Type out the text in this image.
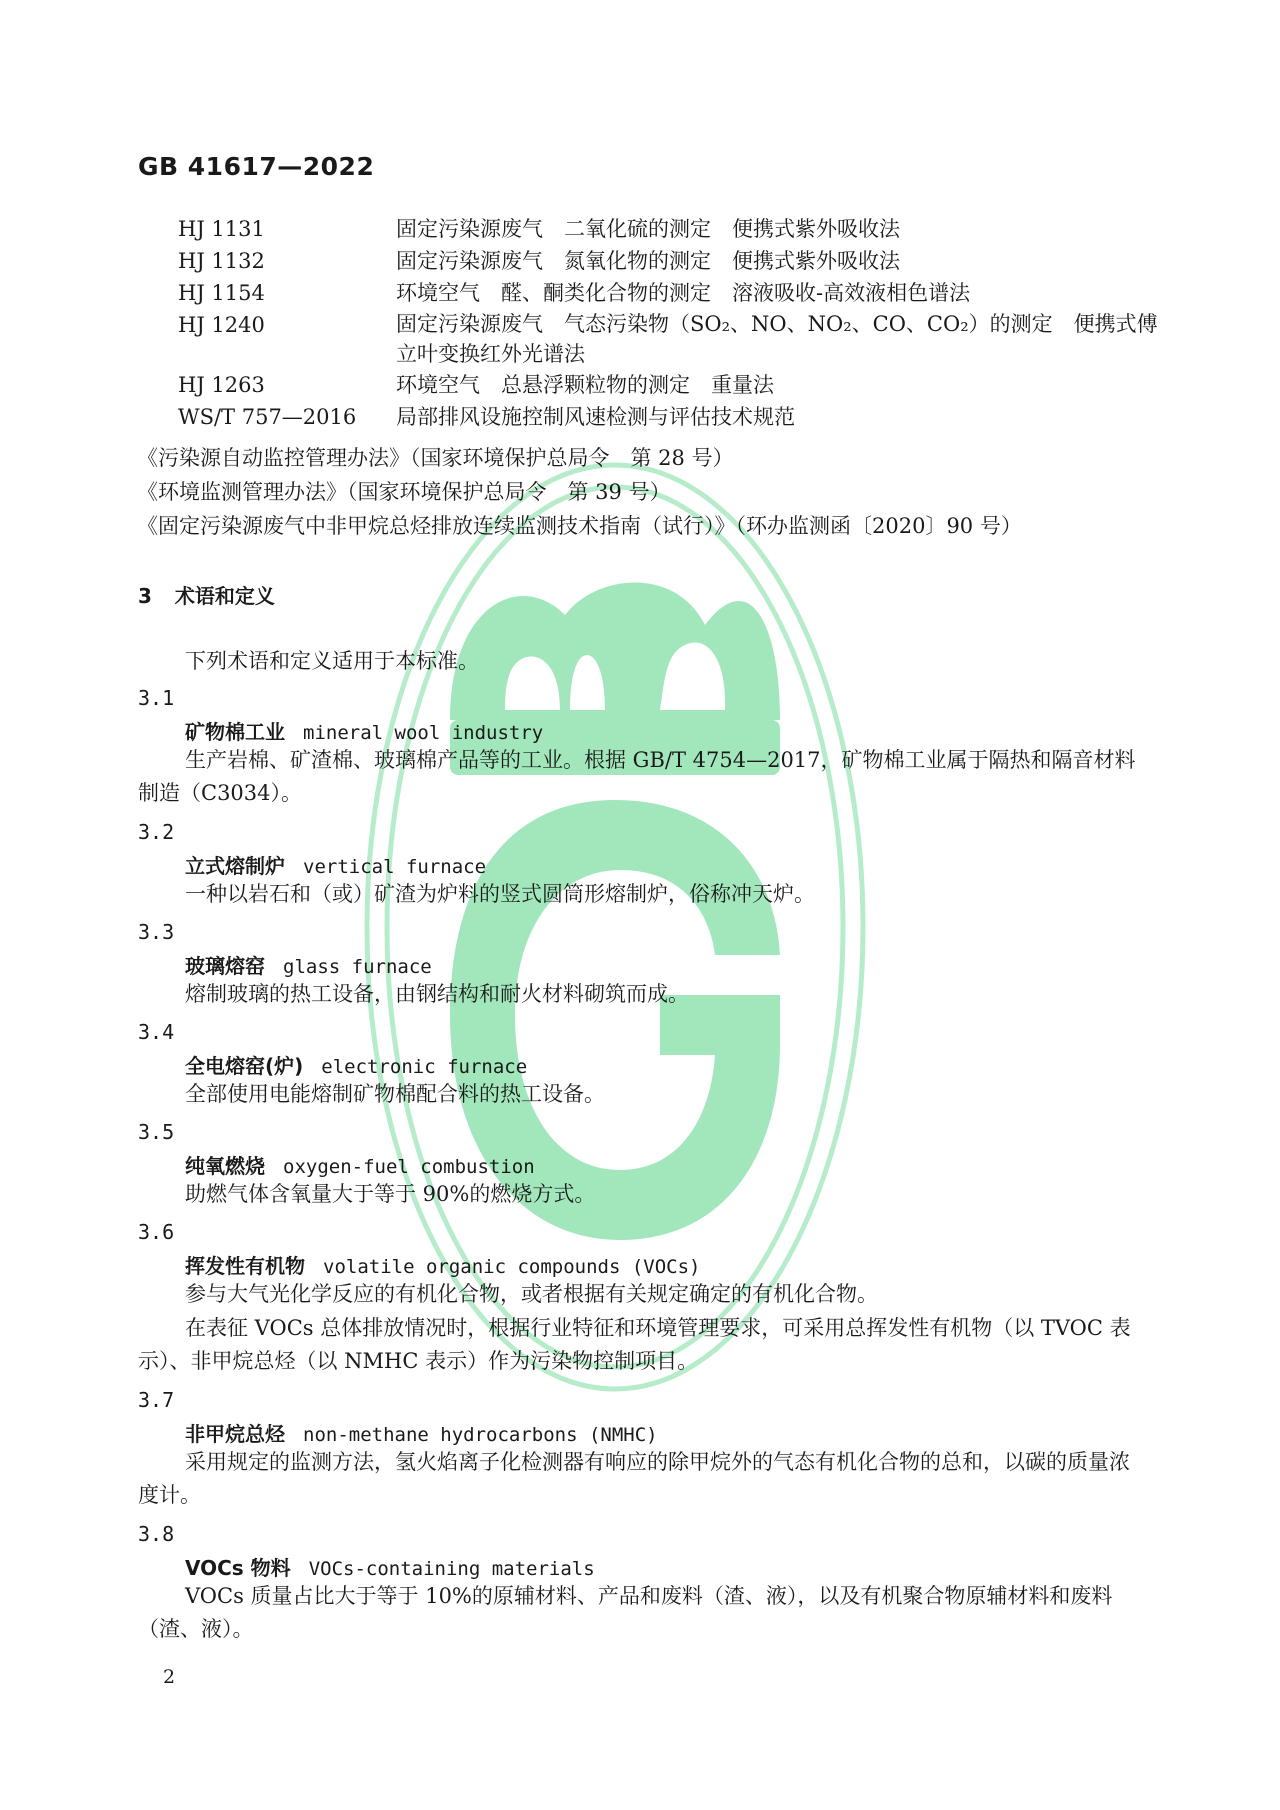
GB 41617—2022
HJ 1131	固定污染源废气　二氧化硫的测定　便携式紫外吸收法
HJ 1132	固定污染源废气　氮氧化物的测定　便携式紫外吸收法
HJ 1154	环境空气　醛、酮类化合物的测定　溶液吸收-高效液相色谱法
HJ 1240	固定污染源废气　气态污染物（SO₂、NO、NO₂、CO、CO₂）的测定　便携式傅立叶变换红外光谱法
HJ 1263	环境空气　总悬浮颗粒物的测定　重量法
WS/T 757—2016	局部排风设施控制风速检测与评估技术规范
《污染源自动监控管理办法》（国家环境保护总局令　第 28 号）
《环境监测管理办法》（国家环境保护总局令　第 39 号）
《固定污染源废气中非甲烷总烃排放连续监测技术指南（试行）》（环办监测函〔2020〕90 号）
3 术语和定义
下列术语和定义适用于本标准。
3.1
矿物棉工业 mineral wool industry
生产岩棉、矿渣棉、玻璃棉产品等的工业。根据 GB/T 4754—2017，矿物棉工业属于隔热和隔音材料制造（C3034）。
3.2
立式熔制炉 vertical furnace
一种以岩石和（或）矿渣为炉料的竖式圆筒形熔制炉，俗称冲天炉。
3.3
玻璃熔窑 glass furnace
熔制玻璃的热工设备，由钢结构和耐火材料砌筑而成。
3.4
全电熔窑(炉) electronic furnace
全部使用电能熔制矿物棉配合料的热工设备。
3.5
纯氧燃烧 oxygen-fuel combustion
助燃气体含氧量大于等于 90%的燃烧方式。
3.6
挥发性有机物 volatile organic compounds (VOCs)
参与大气光化学反应的有机化合物，或者根据有关规定确定的有机化合物。
在表征 VOCs 总体排放情况时，根据行业特征和环境管理要求，可采用总挥发性有机物（以 TVOC 表示）、非甲烷总烃（以 NMHC 表示）作为污染物控制项目。
3.7
非甲烷总烃 non-methane hydrocarbons (NMHC)
采用规定的监测方法，氢火焰离子化检测器有响应的除甲烷外的气态有机化合物的总和，以碳的质量浓度计。
3.8
VOCs 物料 VOCs-containing materials
VOCs 质量占比大于等于 10%的原辅材料、产品和废料（渣、液），以及有机聚合物原辅材料和废料（渣、液）。
2
